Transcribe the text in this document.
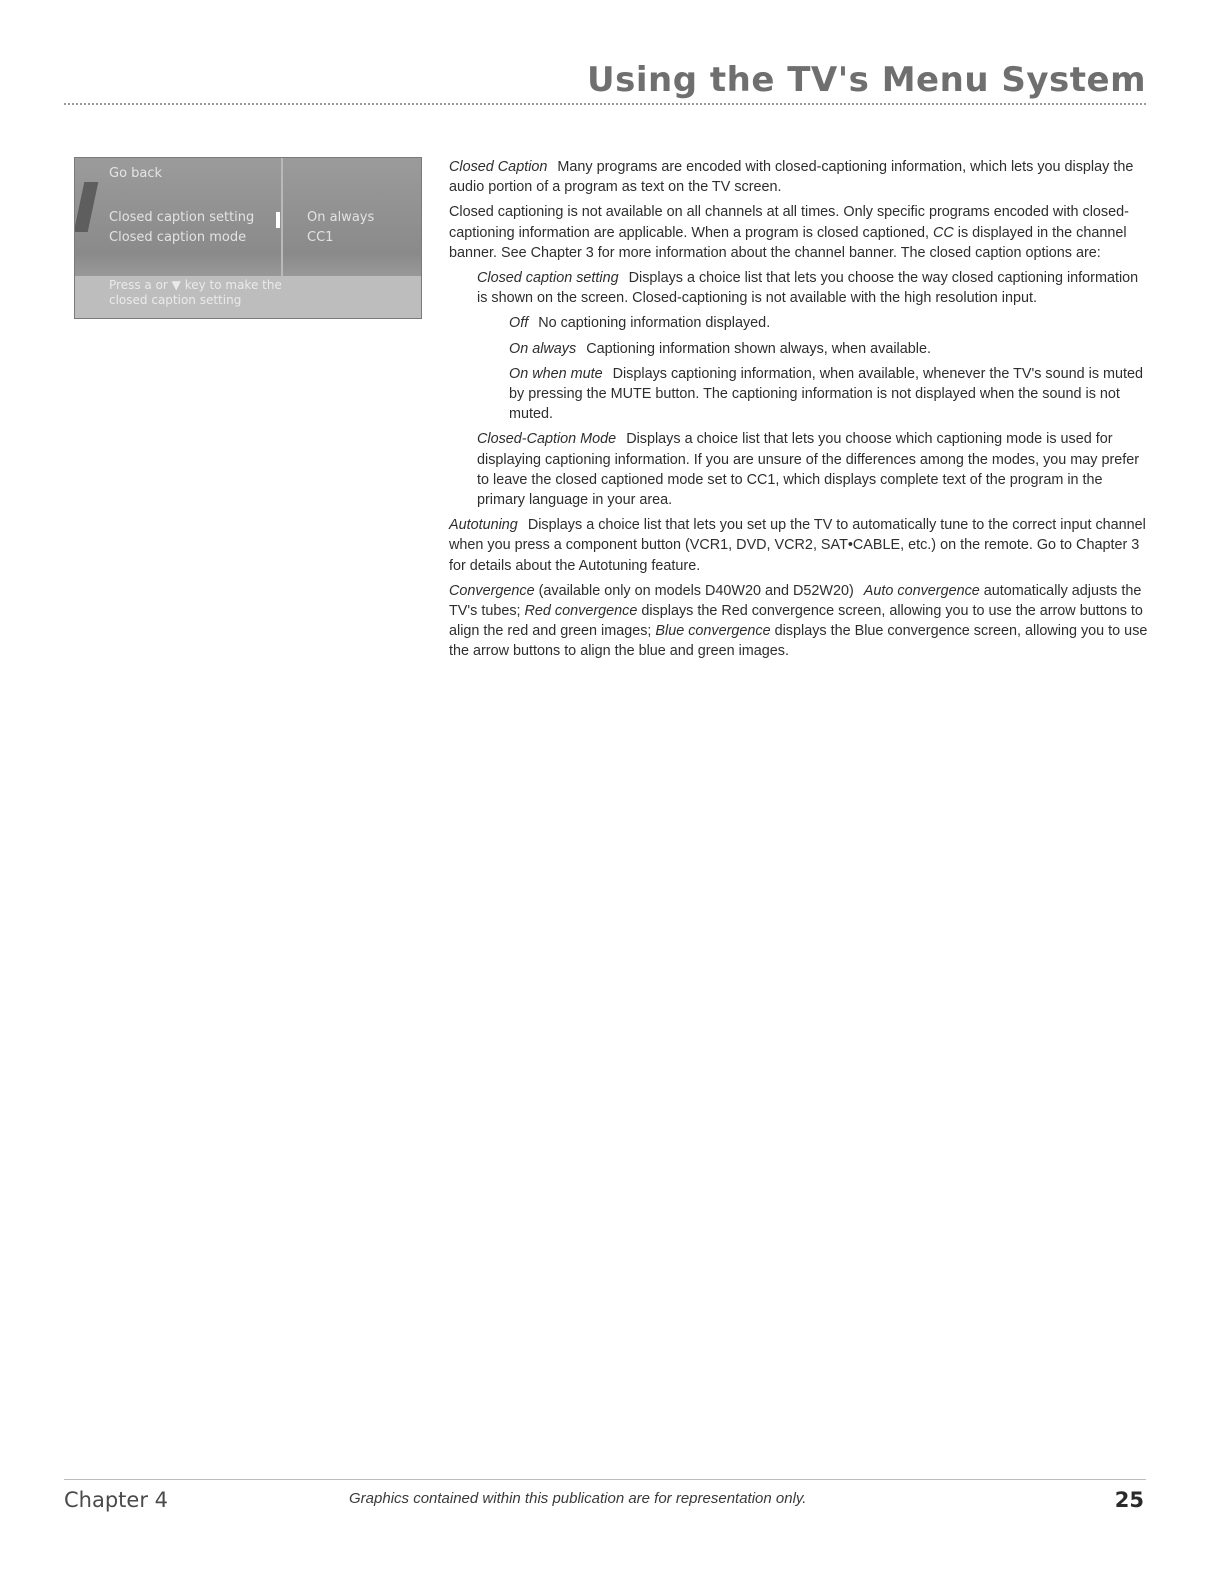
Using the TV's Menu System
Go back
Closed caption setting	On always
Closed caption mode	CC1
Press a or ▼ key to make the closed caption setting

Closed Caption Many programs are encoded with closed-captioning information, which lets you display the audio portion of a program as text on the TV screen.

Closed captioning is not available on all channels at all times. Only specific programs encoded with closed-captioning information are applicable. When a program is closed captioned, CC is displayed in the channel banner. See Chapter 3 for more information about the channel banner. The closed caption options are:

Closed caption setting Displays a choice list that lets you choose the way closed captioning information is shown on the screen. Closed-captioning is not available with the high resolution input.

Off No captioning information displayed.

On always Captioning information shown always, when available.

On when mute Displays captioning information, when available, whenever the TV's sound is muted by pressing the MUTE button. The captioning information is not displayed when the sound is not muted.

Closed-Caption Mode Displays a choice list that lets you choose which captioning mode is used for displaying captioning information. If you are unsure of the differences among the modes, you may prefer to leave the closed captioned mode set to CC1, which displays complete text of the program in the primary language in your area.

Autotuning Displays a choice list that lets you set up the TV to automatically tune to the correct input channel when you press a component button (VCR1, DVD, VCR2, SAT•CABLE, etc.) on the remote. Go to Chapter 3 for details about the Autotuning feature.

Convergence (available only on models D40W20 and D52W20) Auto convergence automatically adjusts the TV's tubes; Red convergence displays the Red convergence screen, allowing you to use the arrow buttons to align the red and green images; Blue convergence displays the Blue convergence screen, allowing you to use the arrow buttons to align the blue and green images.

Chapter 4	Graphics contained within this publication are for representation only.	25
